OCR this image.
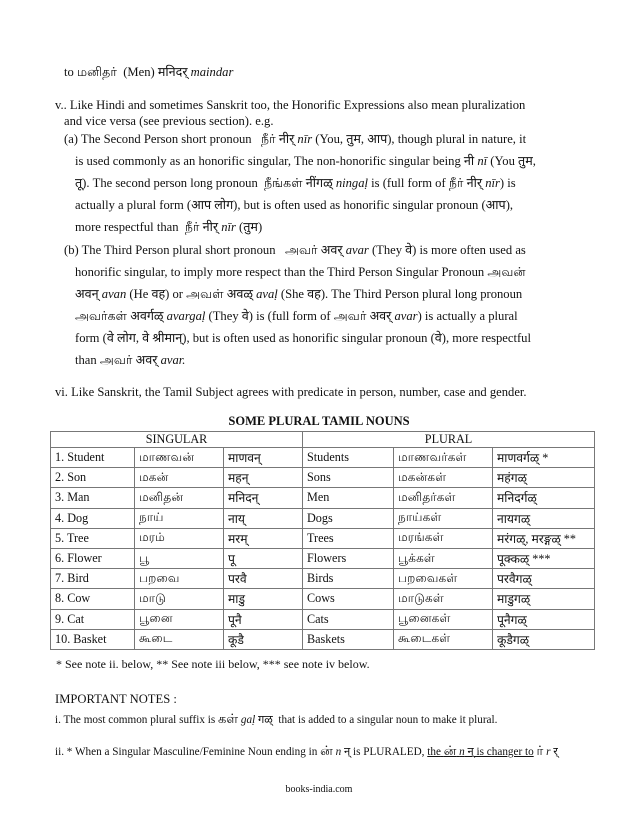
to மனிதர் (Men) मनिदर् maindar
v.. Like Hindi and sometimes Sanskrit too, the Honorific Expressions also mean pluralization
and vice versa (see previous section). e.g.
(a) The Second Person short pronoun நீர் नीर् nīr (You, तुम, आप), though plural in nature, it
is used commonly as an honorific singular, The non-honorific singular being नी nī (You तुम,
तू). The second person long pronoun நீங்கள் नींगळ् ningaḷ is (full form of நீர் नीर् nīr) is
actually a plural form (आप लोग), but is often used as honorific singular pronoun (आप),
more respectful than நீர் नीर् nīr (तुम)
(b) The Third Person plural short pronoun அவர் अवर् avar (They वे) is more often used as
honorific singular, to imply more respect than the Third Person Singular Pronoun அவன்
अवन् avan (He वह) or அவள் अवळ् avaḷ (She वह). The Third Person plural long pronoun
அவர்கள் अवर्गळ् avargaḷ (They वे) is (full form of அவர் अवर् avar) is actually a plural
form (वे लोग, वे श्रीमान्), but is often used as honorific singular pronoun (वे), more respectful
than அவர் अवर् avar.
vi. Like Sanskrit, the Tamil Subject agrees with predicate in person, number, case and gender.
SOME PLURAL TAMIL NOUNS
SINGULAR			PLURAL		
1. Student	மாணவன்	माणवन्	Students	மாணவர்கள்	माणवर्गळ् *
2. Son	மகன்	महन्	Sons	மகன்கள்	महंगळ्
3. Man	மனிதன்	मनिदन्	Men	மனிதர்கள்	मनिदर्गळ्
4. Dog	நாய்	नाय्	Dogs	நாய்கள்	नायगळ्
5. Tree	மரம்	मरम्	Trees	மரங்கள்	मरंगळ्, मरङ्गळ् **
6. Flower	பூ	पू	Flowers	பூக்கள்	पूक्कळ् ***
7. Bird	பறவை	परवै	Birds	பறவைகள்	परवैगळ्
8. Cow	மாடு	माडु	Cows	மாடுகள்	माडुगळ्
9. Cat	பூனை	पूनै	Cats	பூனைகள்	पूनैगळ्
10. Basket	கூடை	कूडै	Baskets	கூடைகள்	कूडैगळ्
* See note ii. below, ** See note iii below, *** see note iv below.
IMPORTANT NOTES :
i. The most common plural suffix is கள் gaḷ गळ् that is added to a singular noun to make it plural.
ii. * When a Singular Masculine/Feminine Noun ending in ன் n न् is PLURALED, the ன் n न् is changer to ர் r र्
books-india.com
